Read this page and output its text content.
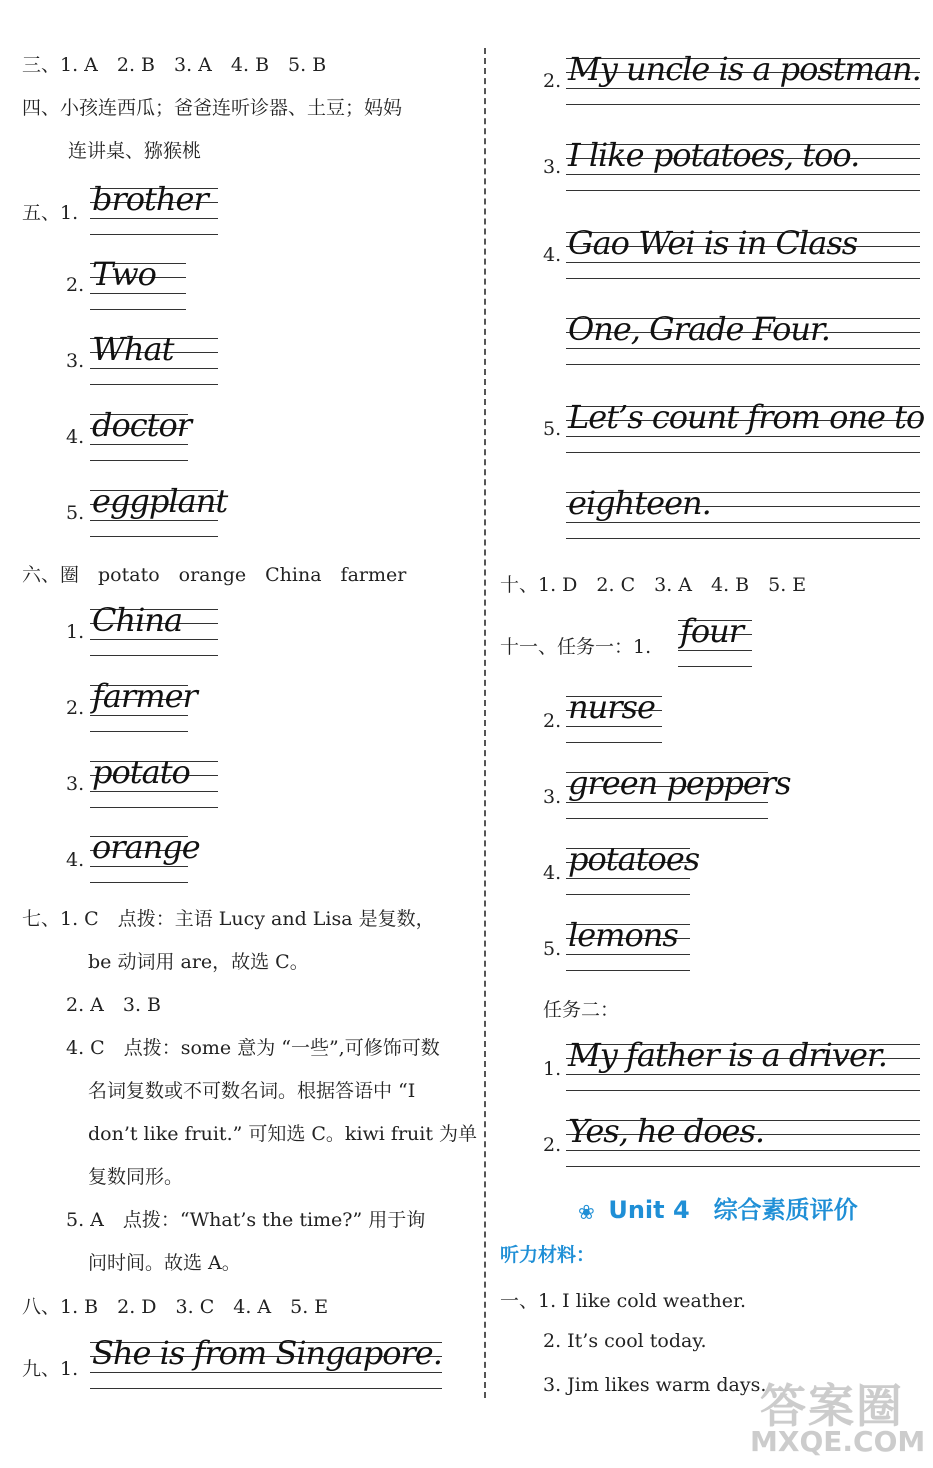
三、1. A　2. B　3. A　4. B　5. B
四、小孩连西瓜；爸爸连听诊器、土豆；妈妈
连讲桌、猕猴桃
五、1. brother
2. Two
3. What
4. doctor
5. eggplant
六、圈　potato　orange　China　farmer
1. China
2. farmer
3. potato
4. orange
七、1. C　点拨：主语 Lucy and Lisa 是复数，
be 动词用 are，故选 C。
2. A　3. B
4. C　点拨：some 意为 “一些”,可修饰可数
名词复数或不可数名词。根据答语中 “I
don’t like fruit.” 可知选 C。kiwi fruit 为单
复数同形。
5. A　点拨：“What’s the time?” 用于询
问时间。故选 A。
八、1. B　2. D　3. C　4. A　5. E
九、1. She is from Singapore.
2. My uncle is a postman.
3. I like potatoes, too.
4. Gao Wei is in Class
One, Grade Four.
5. Let’s count from one to
eighteen.
十、1. D　2. C　3. A　4. B　5. E
十一、任务一：1. four
2. nurse
3. green peppers
4. potatoes
5. lemons
任务二：
1. My father is a driver.
2. Yes, he does.
❀ Unit 4　综合素质评价
听力材料：
一、1. I like cold weather.
2. It’s cool today.
3. Jim likes warm days.
答案圈
MXQE.COM
